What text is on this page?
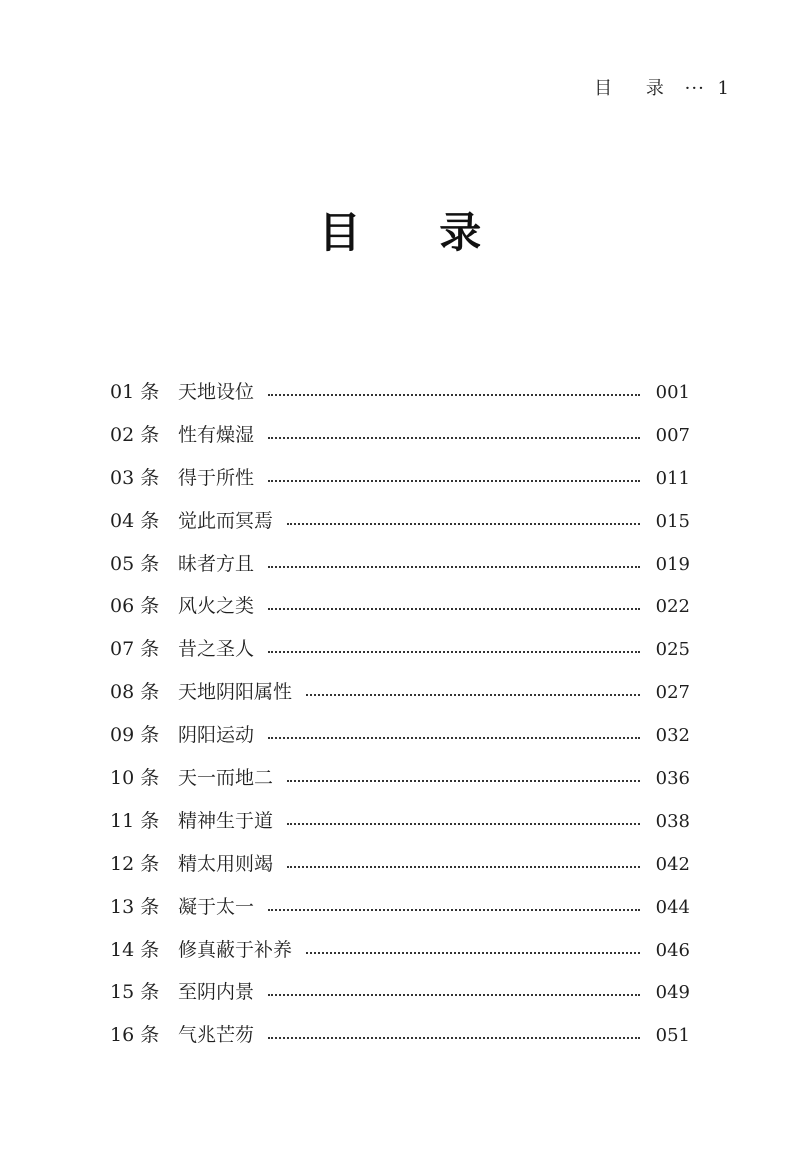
目 录 ··· 1
目 录
01 条 天地设位	001
02 条 性有燥湿	007
03 条 得于所性	011
04 条 觉此而冥焉	015
05 条 昧者方且	019
06 条 风火之类	022
07 条 昔之圣人	025
08 条 天地阴阳属性	027
09 条 阴阳运动	032
10 条 天一而地二	036
11 条 精神生于道	038
12 条 精太用则竭	042
13 条 凝于太一	044
14 条 修真蔽于补养	046
15 条 至阴内景	049
16 条 气兆芒芴	051
